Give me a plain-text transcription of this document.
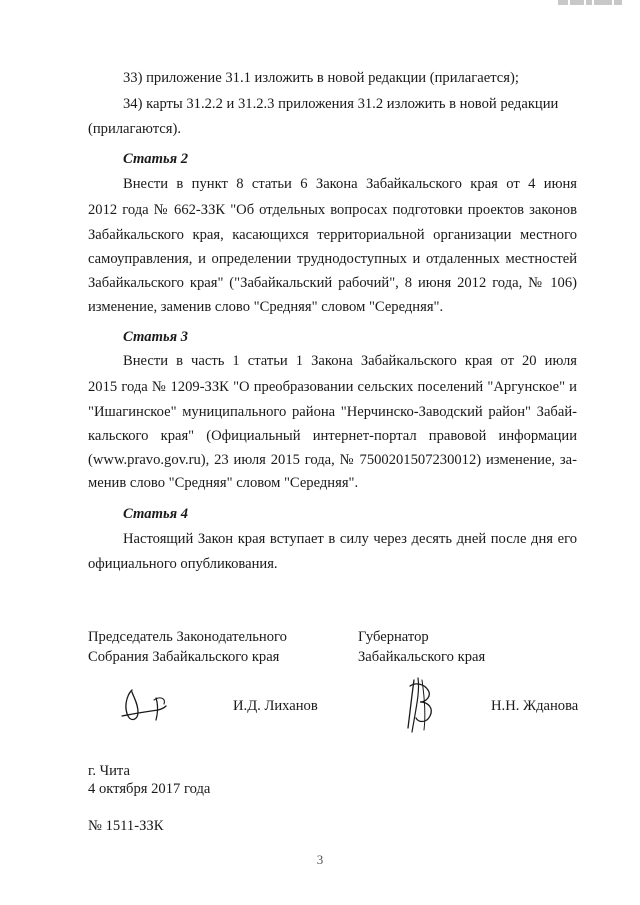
33) приложение 31.1 изложить в новой редакции (прилагается);
34) карты 31.2.2 и 31.2.3 приложения 31.2 изложить в новой редакции
(прилагаются).
Статья 2
Внести в пункт 8 статьи 6 Закона Забайкальского края от 4 июня
2012 года № 662-ЗЗК "Об отдельных вопросах подготовки проектов законов
Забайкальского края, касающихся территориальной организации местного
самоуправления, и определении труднодоступных и отдаленных местностей
Забайкальского края" ("Забайкальский рабочий", 8 июня 2012 года, № 106)
изменение, заменив слово "Средняя" словом "Середняя".
Статья 3
Внести в часть 1 статьи 1 Закона Забайкальского края от 20 июля
2015 года № 1209-ЗЗК "О преобразовании сельских поселений "Аргунское" и
"Ишагинское" муниципального района "Нерчинско-Заводский район" Забай-
кальского края" (Официальный интернет-портал правовой информации
(www.pravo.gov.ru), 23 июля 2015 года, № 7500201507230012) изменение, за-
менив слово "Средняя" словом "Середняя".
Статья 4
Настоящий Закон края вступает в силу через десять дней после дня его
официального опубликования.
Председатель Законодательного
Собрания Забайкальского края
Губернатор
Забайкальского края
И.Д. Лиханов	Н.Н. Жданова
г. Чита
4 октября 2017 года
№ 1511-ЗЗК
3
